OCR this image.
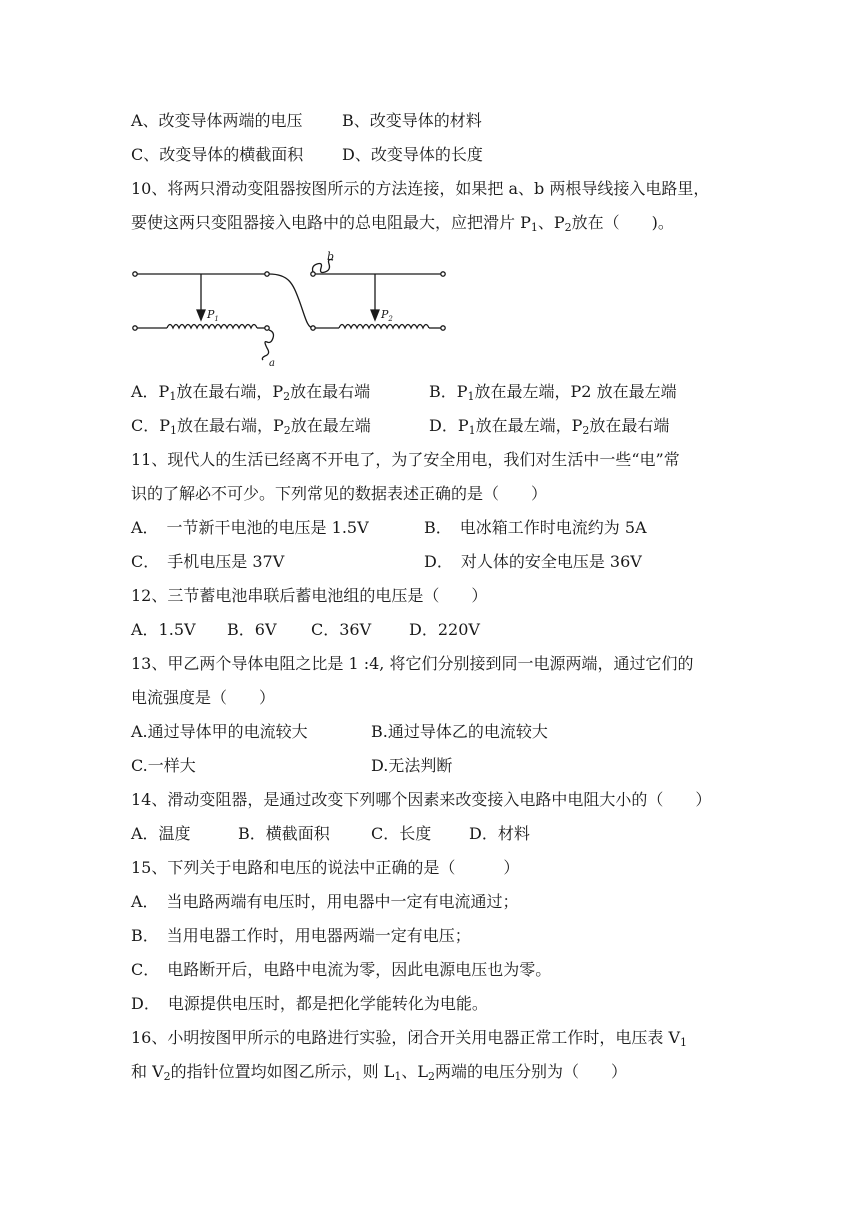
A、改变导体两端的电压 B、改变导体的材料
C、改变导体的横截面积 D、改变导体的长度
10、将两只滑动变阻器按图所示的方法连接，如果把 a、b 两根导线接入电路里，
要使这两只变阻器接入电路中的总电阻最大，应把滑片 $P_1$、$P_2$放在（　　)。
b
a
$P_1$	$P_2$
A．$P_1$放在最右端，$P_2$放在最右端	B．$P_1$放在最左端，P2 放在最左端
C．$P_1$放在最右端，$P_2$放在最左端	D．$P_1$放在最左端，$P_2$放在最右端
11、现代人的生活已经离不开电了，为了安全用电，我们对生活中一些“电”常
识的了解必不可少。下列常见的数据表述正确的是（　　）
A．　一节新干电池的电压是 1.5V	B．　电冰箱工作时电流约为 5A
C．　手机电压是 37V	D．　对人体的安全电压是 36V
12、三节蓄电池串联后蓄电池组的电压是（　　）
A．1.5V B．6V C．36V D．220V
13、甲乙两个导体电阻之比是 1 :4, 将它们分别接到同一电源两端，通过它们的
电流强度是（　　）
A.通过导体甲的电流较大	B.通过导体乙的电流较大
C.一样大	D.无法判断
14、滑动变阻器，是通过改变下列哪个因素来改变接入电路中电阻大小的（　　）
A．温度	B．横截面积	C．长度 D．材料
15、下列关于电路和电压的说法中正确的是（　　　）
A．　当电路两端有电压时，用电器中一定有电流通过；
B．　当用电器工作时，用电器两端一定有电压；
C．　电路断开后，电路中电流为零，因此电源电压也为零。
D．　电源提供电压时，都是把化学能转化为电能。
16、小明按图甲所示的电路进行实验，闭合开关用电器正常工作时，电压表 $V_1$
和 $V_2$的指针位置均如图乙所示，则 $L_1$、$L_2$两端的电压分别为（　　）
